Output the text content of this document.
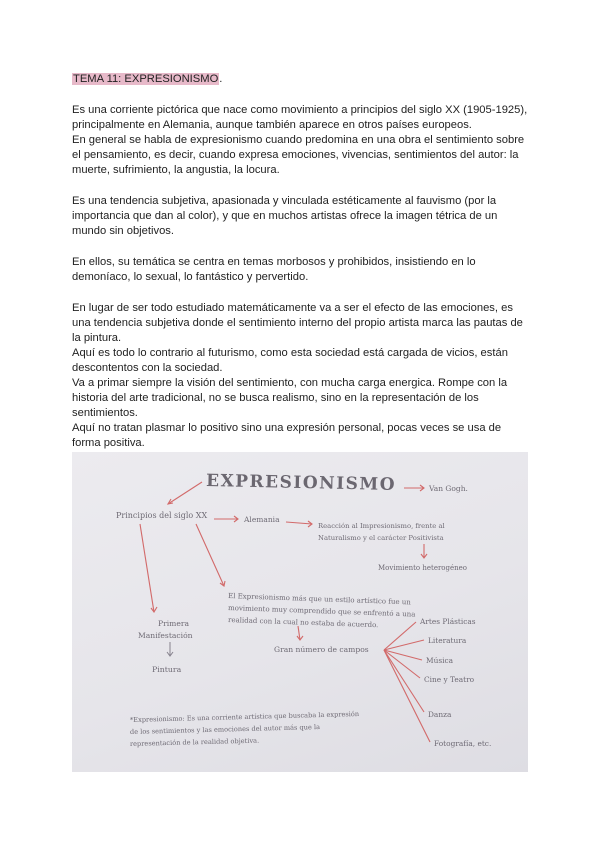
TEMA 11: EXPRESIONISMO.

Es una corriente pictórica que nace como movimiento a principios del siglo XX (1905-1925), principalmente en Alemania, aunque también aparece en otros países europeos.

En general se habla de expresionismo cuando predomina en una obra el sentimiento sobre el pensamiento, es decir, cuando expresa emociones, vivencias, sentimientos del autor: la muerte, sufrimiento, la angustia, la locura.

Es una tendencia subjetiva, apasionada y vinculada estéticamente al fauvismo (por la importancia que dan al color), y que en muchos artistas ofrece la imagen tétrica de un mundo sin objetivos.

En ellos, su temática se centra en temas morbosos y prohibidos, insistiendo en lo demoníaco, lo sexual, lo fantástico y pervertido.

En lugar de ser todo estudiado matemáticamente va a ser el efecto de las emociones, es una tendencia subjetiva donde el sentimiento interno del propio artista marca las pautas de la pintura.

Aquí es todo lo contrario al futurismo, como esta sociedad está cargada de vicios, están descontentos con la sociedad.

Va a primar siempre la visión del sentimiento, con mucha carga energica. Rompe con la historia del arte tradicional, no se busca realismo, sino en la representación de los sentimientos.

Aquí no tratan plasmar lo positivo sino una expresión personal, pocas veces se usa de forma positiva.

EXPRESIONISMO	Van Gogh.
Principios del siglo XX	Alemania
Reacción al Impresionismo, frente al
Naturalismo y el carácter Positivista
Movimiento heterogéneo
El Expresionismo más que un estilo artístico fue un
movimiento muy comprendido que se enfrentó a una
realidad con la cual no estaba de acuerdo.
Primera
Manifestación
Pintura
Gran número de campos
Artes Plásticas
Literatura
Música
Cine y Teatro
Danza
Fotografía, etc.
*Expresionismo: Es una corriente artística que buscaba la expresión
de los sentimientos y las emociones del autor más que la
representación de la realidad objetiva.
